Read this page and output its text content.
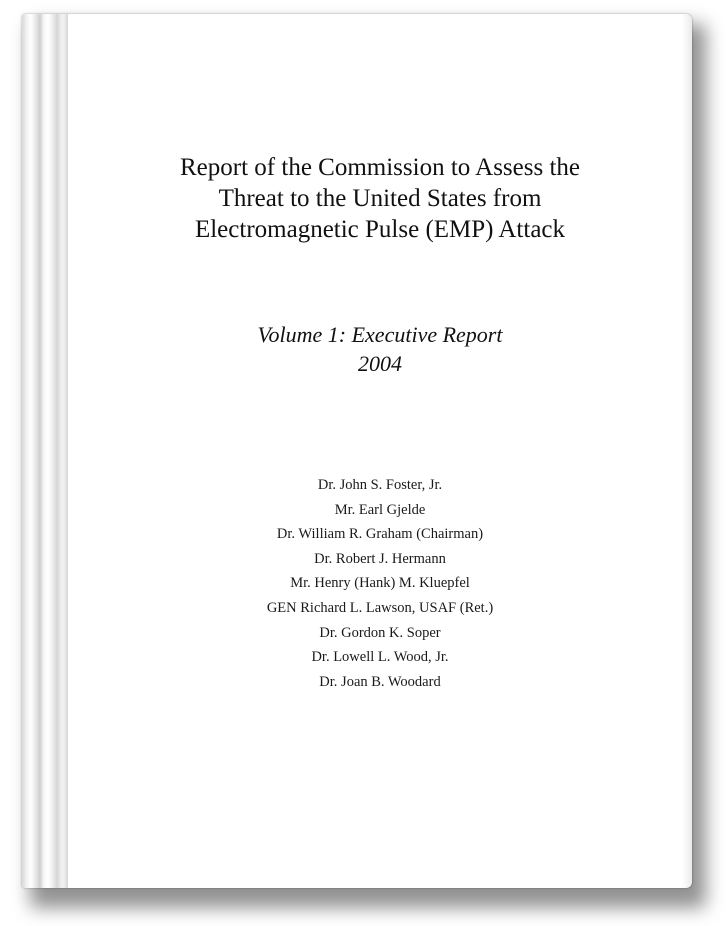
Report of the Commission to Assess the
Threat to the United States from
Electromagnetic Pulse (EMP) Attack
Volume 1: Executive Report
2004
Dr. John S. Foster, Jr.
Mr. Earl Gjelde
Dr. William R. Graham (Chairman)
Dr. Robert J. Hermann
Mr. Henry (Hank) M. Kluepfel
GEN Richard L. Lawson, USAF (Ret.)
Dr. Gordon K. Soper
Dr. Lowell L. Wood, Jr.
Dr. Joan B. Woodard
